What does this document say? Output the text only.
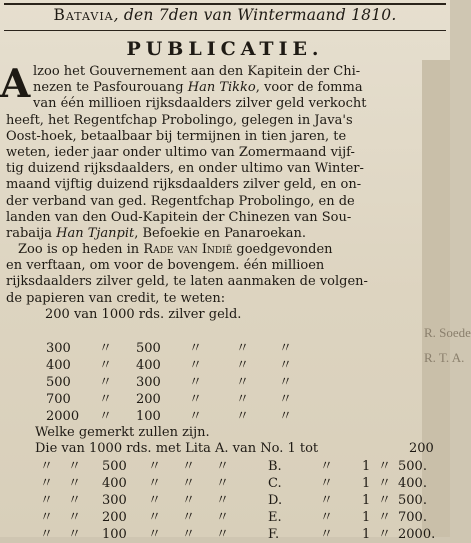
R. Soede
R. T. A.
Batavia, den 7den van Wintermaand 1810.
PUBLICATIE.
A lzoo het Gouvernement aan den Kapitein der Chi-
nezen te Pasfourouang Han Tikko, voor de fomma
van één millioen rijksdaalders zilver geld verkocht
heeft, het Regentfchap Probolingo, gelegen in Java's
Oost-hoek, betaalbaar bij termijnen in tien jaren, te
weten, ieder jaar onder ultimo van Zomermaand vijf-
tig duizend rijksdaalders, en onder ultimo van Winter-
maand vijftig duizend rijksdaalders zilver geld, en on-
der verband van ged. Regentfchap Probolingo, en de
landen van den Oud-Kapitein der Chinezen van Sou-
rabaija Han Tjanpit, Befoekie en Panaroekan.
Zoo is op heden in Rade van Indië goedgevonden
en verftaan, om voor de bovengem. één millioen
rijksdaalders zilver geld, te laten aanmaken de volgen-
de papieren van credit, te weten:
200 van 1000 rds. zilver geld.
300	〃 500 〃	〃 〃
400	〃 400 〃	〃 〃
500	〃 300 〃	〃 〃
700	〃 200 〃	〃 〃
2000 〃 100 〃	〃 〃
Welke gemerkt zullen zijn.
Die van 1000 rds. met Lita A. van No. 1 tot	200
〃 〃 500 〃 〃 〃	B.	〃 1 〃 500.
〃 〃 400 〃 〃 〃	C.	〃 1 〃 400.
〃 〃 300 〃 〃 〃	D.	〃 1 〃 500.
〃 〃 200 〃 〃 〃	E.	〃 1 〃 700.
〃 〃 100 〃 〃 〃	F.	〃 1 〃 2000.
